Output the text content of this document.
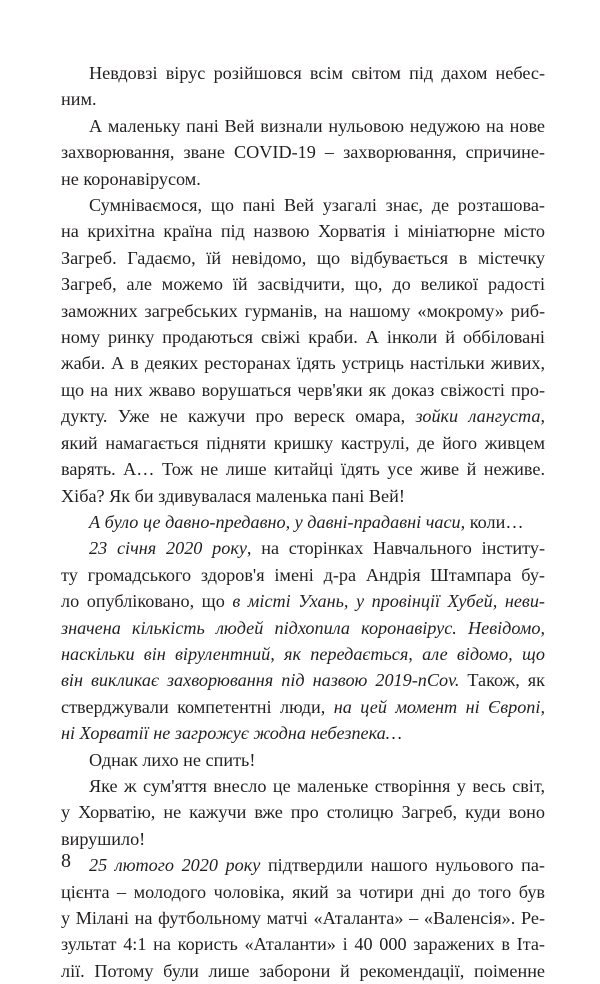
Невдовзі вірус розійшовся всім світом під дахом небес-
ним.

А маленьку пані Вей визнали нульовою недужою на нове
захворювання, зване COVID-19 – захворювання, спричине-
не коронавірусом.

Сумніваємося, що пані Вей узагалі знає, де розташова-
на крихітна країна під назвою Хорватія і мініатюрне місто
Загреб. Гадаємо, їй невідомо, що відбувається в містечку
Загреб, але можемо їй засвідчити, що, до великої радості
заможних загребських гурманів, на нашому «мокрому» риб-
ному ринку продаються свіжі краби. А інколи й оббіловані
жаби. А в деяких ресторанах їдять устриць настільки живих,
що на них жваво ворушаться черв'яки як доказ свіжості про-
дукту. Уже не кажучи про вереск омара, зойки лангуста,
який намагається підняти кришку каструлі, де його живцем
варять. А… Тож не лише китайці їдять усе живе й неживе.
Хіба? Як би здивувалася маленька пані Вей!

А було це давно-предавно, у давні-прадавні часи, коли…

23 січня 2020 року, на сторінках Навчального інститу-
ту громадського здоров'я імені д-ра Андрія Штампара бу-
ло опубліковано, що в місті Ухань, у провінції Хубей, неви-
значена кількість людей підхопила коронавірус. Невідомо,
наскільки він вірулентний, як передається, але відомо, що
він викликає захворювання під назвою 2019-nCov. Також, як
стверджували компетентні люди, на цей момент ні Європі,
ні Хорватії не загрожує жодна небезпека…

Однак лихо не спить!

Яке ж сум'яття внесло це маленьке створіння у весь світ,
у Хорватію, не кажучи вже про столицю Загреб, куди воно
вирушило!

25 лютого 2020 року підтвердили нашого нульового па-
цієнта – молодого чоловіка, який за чотири дні до того був
у Мілані на футбольному матчі «Аталанта» – «Валенсія». Ре-
зультат 4:1 на користь «Аталанти» і 40 000 заражених в Іта-
лії. Потому були лише заборони й рекомендації, поіменне

8
